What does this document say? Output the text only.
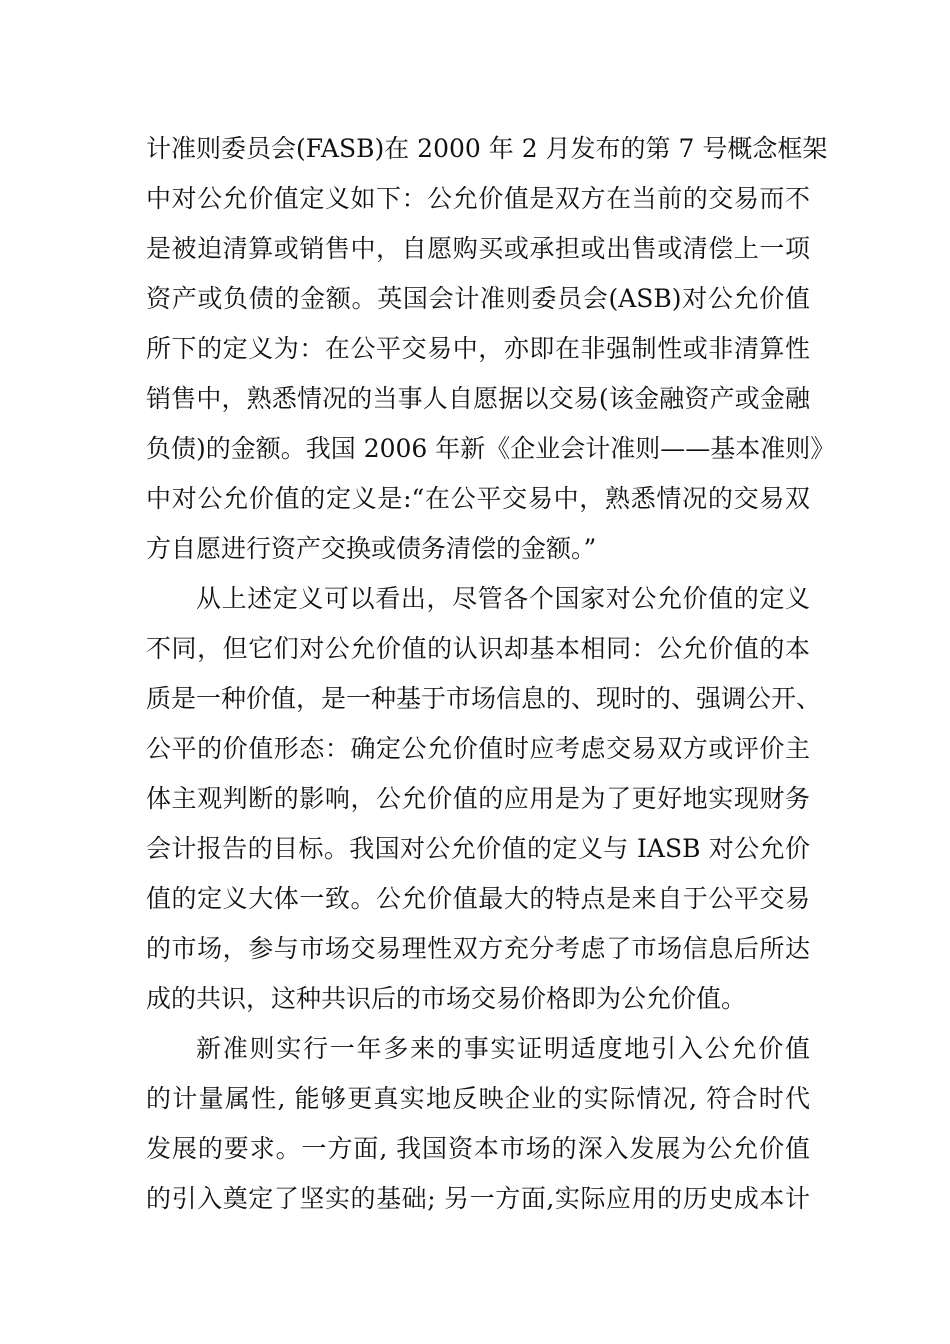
计准则委员会(FASB)在 2000 年 2 月发布的第 7 号概念框架
中对公允价值定义如下：公允价值是双方在当前的交易而不
是被迫清算或销售中，自愿购买或承担或出售或清偿上一项
资产或负债的金额。英国会计准则委员会(ASB)对公允价值
所下的定义为：在公平交易中，亦即在非强制性或非清算性
销售中，熟悉情况的当事人自愿据以交易(该金融资产或金融
负债)的金额。我国 2006 年新《企业会计准则——基本准则》
中对公允价值的定义是:“在公平交易中，熟悉情况的交易双
方自愿进行资产交换或债务清偿的金额。”
从上述定义可以看出，尽管各个国家对公允价值的定义
不同，但它们对公允价值的认识却基本相同：公允价值的本
质是一种价值，是一种基于市场信息的、现时的、强调公开、
公平的价值形态：确定公允价值时应考虑交易双方或评价主
体主观判断的影响，公允价值的应用是为了更好地实现财务
会计报告的目标。我国对公允价值的定义与 IASB 对公允价
值的定义大体一致。公允价值最大的特点是来自于公平交易
的市场，参与市场交易理性双方充分考虑了市场信息后所达
成的共识，这种共识后的市场交易价格即为公允价值。
新准则实行一年多来的事实证明适度地引入公允价值
的计量属性, 能够更真实地反映企业的实际情况, 符合时代
发展的要求。一方面, 我国资本市场的深入发展为公允价值
的引入奠定了坚实的基础; 另一方面,实际应用的历史成本计
